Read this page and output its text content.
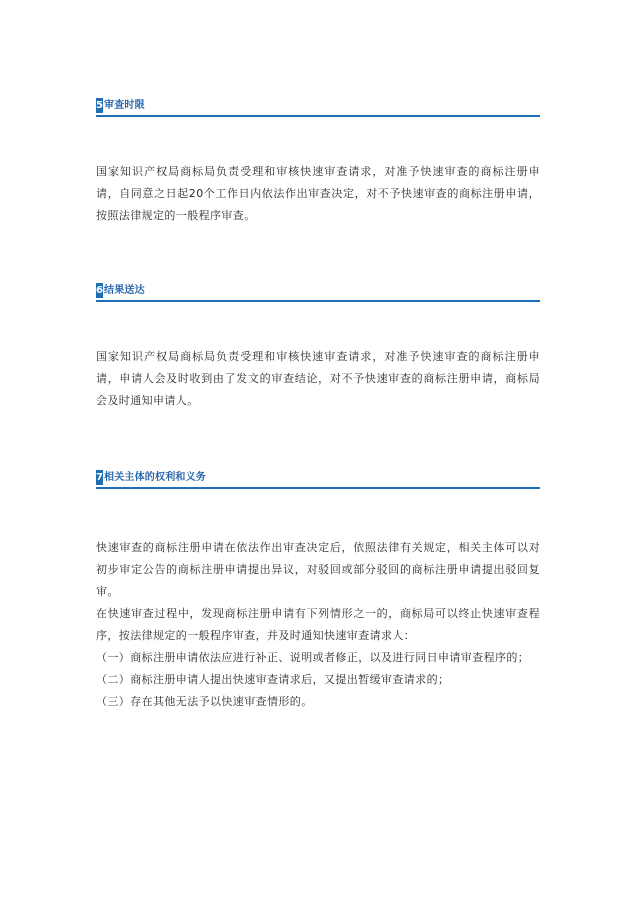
5 审查时限

国家知识产权局商标局负责受理和审核快速审查请求，对准予快速审查的商标注册申请，自同意之日起20个工作日内依法作出审查决定，对不予快速审查的商标注册申请，按照法律规定的一般程序审查。

6 结果送达

国家知识产权局商标局负责受理和审核快速审查请求，对准予快速审查的商标注册申请，申请人会及时收到由了发文的审查结论，对不予快速审查的商标注册申请，商标局会及时通知申请人。

7 相关主体的权利和义务

快速审查的商标注册申请在依法作出审查决定后，依照法律有关规定，相关主体可以对初步审定公告的商标注册申请提出异议，对驳回或部分驳回的商标注册申请提出驳回复审。

在快速审查过程中，发现商标注册申请有下列情形之一的，商标局可以终止快速审查程序，按法律规定的一般程序审查，并及时通知快速审查请求人：

（一）商标注册申请依法应进行补正、说明或者修正，以及进行同日申请审查程序的；

（二）商标注册申请人提出快速审查请求后，又提出暂缓审查请求的；

（三）存在其他无法予以快速审查情形的。
